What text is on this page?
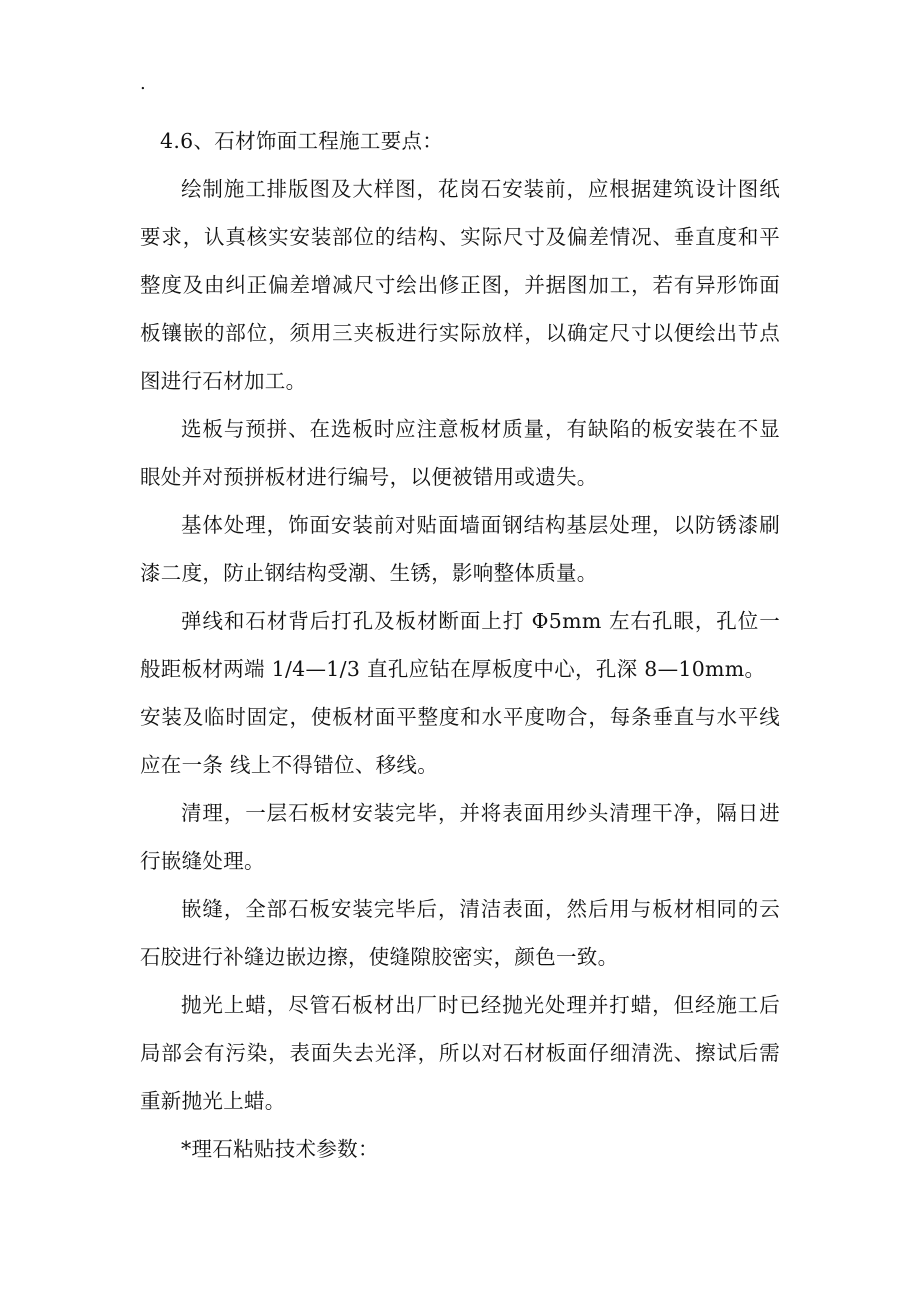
.

4.6、石材饰面工程施工要点：

绘制施工排版图及大样图，花岗石安装前，应根据建筑设计图纸要求，认真核实安装部位的结构、实际尺寸及偏差情况、垂直度和平整度及由纠正偏差增减尺寸绘出修正图，并据图加工，若有异形饰面板镶嵌的部位，须用三夹板进行实际放样，以确定尺寸以便绘出节点图进行石材加工。

选板与预拼、在选板时应注意板材质量，有缺陷的板安装在不显眼处并对预拼板材进行编号，以便被错用或遗失。

基体处理，饰面安装前对贴面墙面钢结构基层处理，以防锈漆刷漆二度，防止钢结构受潮、生锈，影响整体质量。

弹线和石材背后打孔及板材断面上打 Φ5mm 左右孔眼，孔位一般距板材两端 1/4—1/3 直孔应钻在厚板度中心，孔深 8—10mm。

安装及临时固定，使板材面平整度和水平度吻合，每条垂直与水平线应在一条 线上不得错位、移线。

清理，一层石板材安装完毕，并将表面用纱头清理干净，隔日进行嵌缝处理。

嵌缝，全部石板安装完毕后，清洁表面，然后用与板材相同的云石胶进行补缝边嵌边擦，使缝隙胶密实，颜色一致。

抛光上蜡，尽管石板材出厂时已经抛光处理并打蜡，但经施工后局部会有污染，表面失去光泽，所以对石材板面仔细清洗、擦试后需重新抛光上蜡。

*理石粘贴技术参数：
